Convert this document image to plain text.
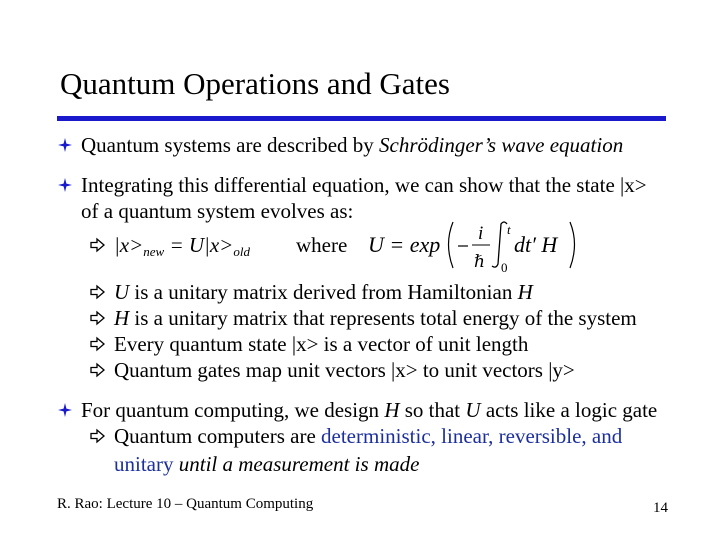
Quantum Operations and Gates
Quantum systems are described by Schrödinger’s wave equation
Integrating this differential equation, we can show that the state |x>
of a quantum system evolves as:
$|x>_{new} = U|x>_{old}$ where U = exp i
ℏ
t
0
dt′ H
U is a unitary matrix derived from Hamiltonian H
H is a unitary matrix that represents total energy of the system
Every quantum state |x> is a vector of unit length
Quantum gates map unit vectors |x> to unit vectors |y>
For quantum computing, we design H so that U acts like a logic gate
Quantum computers are deterministic, linear, reversible, and
unitary until a measurement is made
R. Rao: Lecture 10 – Quantum Computing	14
